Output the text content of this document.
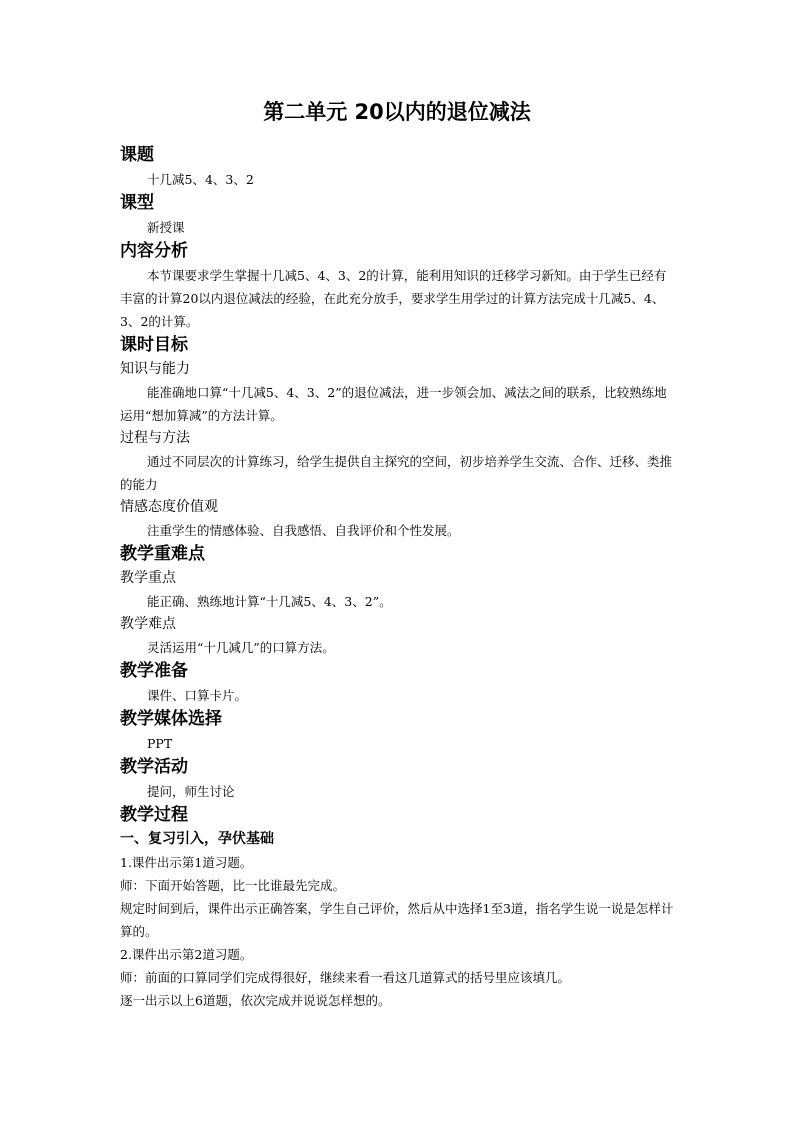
第二单元 20以内的退位减法
课题
十几减5、4、3、2
课型
新授课
内容分析
本节课要求学生掌握十几减5、4、3、2的计算，能利用知识的迁移学习新知。由于学生已经有丰富的计算20以内退位减法的经验，在此充分放手，要求学生用学过的计算方法完成十几减5、4、3、2的计算。
课时目标
知识与能力
能准确地口算“十几减5、4、3、2”的退位减法，进一步领会加、减法之间的联系，比较熟练地运用“想加算减”的方法计算。
过程与方法
通过不同层次的计算练习，给学生提供自主探究的空间，初步培养学生交流、合作、迁移、类推的能力
情感态度价值观
注重学生的情感体验、自我感悟、自我评价和个性发展。
教学重难点
教学重点
能正确、熟练地计算“十几减5、4、3、2”。
教学难点
灵活运用“十几减几”的口算方法。
教学准备
课件、口算卡片。
教学媒体选择
PPT
教学活动
提问，师生讨论
教学过程
一、复习引入，孕伏基础
1.课件出示第1道习题。
师：下面开始答题，比一比谁最先完成。
规定时间到后，课件出示正确答案，学生自己评价，然后从中选择1至3道，指名学生说一说是怎样计算的。
2.课件出示第2道习题。
师：前面的口算同学们完成得很好，继续来看一看这几道算式的括号里应该填几。
逐一出示以上6道题，依次完成并说说怎样想的。
